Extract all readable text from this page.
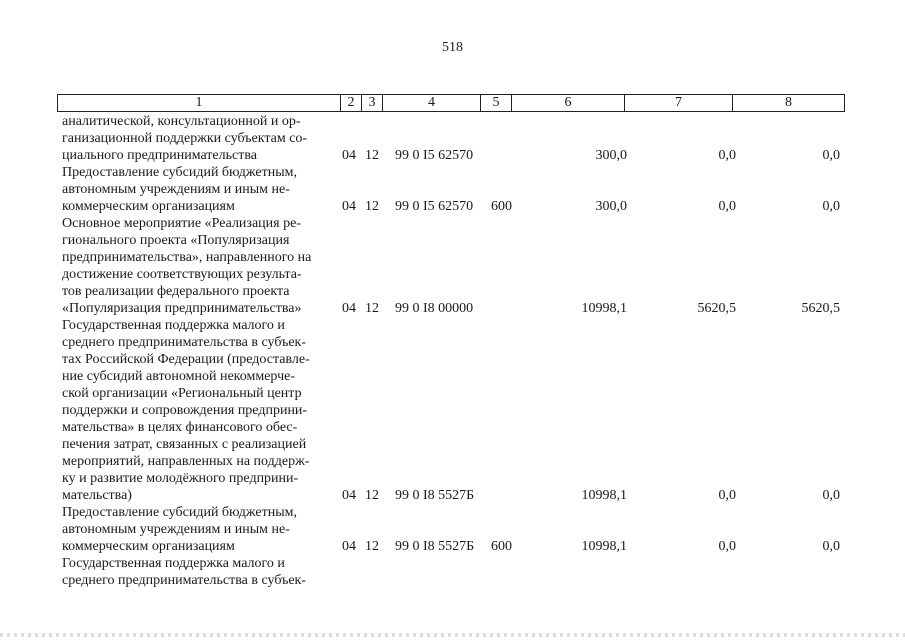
518
1	2	3	4	5	6	7	8
аналитической, консультационной и ор-
ганизационной поддержки субъектам со-
циального предпринимательства	04 12 99 0 I5 62570	300,0	0,0	0,0
Предоставление субсидий бюджетным,
автономным учреждениям и иным не-
коммерческим организациям	04 12 99 0 I5 62570 600	300,0	0,0	0,0
Основное мероприятие «Реализация ре-
гионального проекта «Популяризация
предпринимательства», направленного на
достижение соответствующих результа-
тов реализации федерального проекта
«Популяризация предпринимательства»	04 12 99 0 I8 00000	10998,1	5620,5	5620,5
Государственная поддержка малого и
среднего предпринимательства в субъек-
тах Российской Федерации (предоставле-
ние субсидий автономной некоммерче-
ской организации «Региональный центр
поддержки и сопровождения предприни-
мательства» в целях финансового обес-
печения затрат, связанных с реализацией
мероприятий, направленных на поддерж-
ку и развитие молодёжного предприни-
мательства)	04 12 99 0 I8 5527Б	10998,1	0,0	0,0
Предоставление субсидий бюджетным,
автономным учреждениям и иным не-
коммерческим организациям	04 12 99 0 I8 5527Б 600	10998,1	0,0	0,0
Государственная поддержка малого и
среднего предпринимательства в субъек-
